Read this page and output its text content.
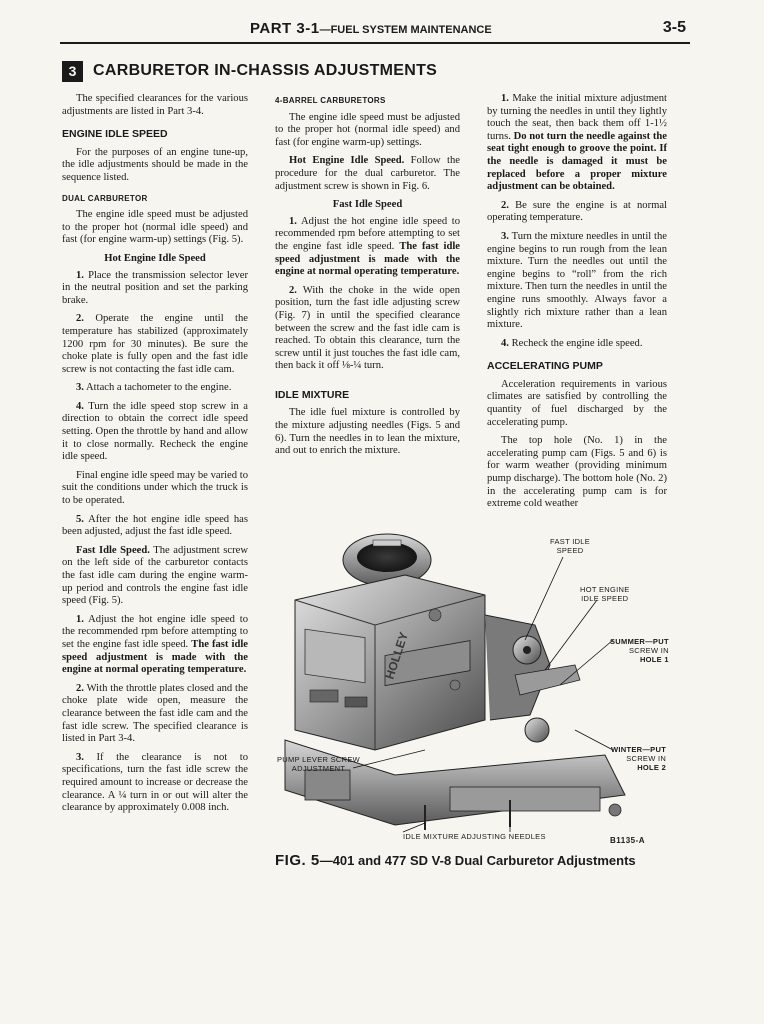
PART 3-1—FUEL SYSTEM MAINTENANCE	3-5
3	CARBURETOR IN-CHASSIS ADJUSTMENTS

The specified clearances for the various adjustments are listed in Part 3-4.

ENGINE IDLE SPEED

For the purposes of an engine tune-up, the idle adjustments should be made in the sequence listed.

DUAL CARBURETOR

The engine idle speed must be adjusted to the proper hot (normal idle speed) and fast (for engine warm-up) settings (Fig. 5).

Hot Engine Idle Speed

1. Place the transmission selector lever in the neutral position and set the parking brake.

2. Operate the engine until the temperature has stabilized (approximately 1200 rpm for 30 minutes). Be sure the choke plate is fully open and the fast idle screw is not contacting the fast idle cam.

3. Attach a tachometer to the engine.

4. Turn the idle speed stop screw in a direction to obtain the correct idle speed setting. Open the throttle by hand and allow it to close normally. Recheck the engine idle speed.

Final engine idle speed may be varied to suit the conditions under which the truck is to be operated.

5. After the hot engine idle speed has been adjusted, adjust the fast idle speed.

Fast Idle Speed. The adjustment screw on the left side of the carburetor contacts the fast idle cam during the engine warm-up period and controls the engine fast idle speed (Fig. 5).

1. Adjust the hot engine idle speed to the recommended rpm before attempting to set the engine fast idle speed. The fast idle speed adjustment is made with the engine at normal operating temperature.

2. With the throttle plates closed and the choke plate wide open, measure the clearance between the fast idle cam and the fast idle screw. The specified clearance is listed in Part 3-4.

3. If the clearance is not to specifications, turn the fast idle screw the required amount to increase or decrease the clearance. A ¼ turn in or out will alter the clearance by approximately 0.008 inch.

4-BARREL CARBURETORS

The engine idle speed must be adjusted to the proper hot (normal idle speed) and fast (for engine warm-up) settings.

Hot Engine Idle Speed. Follow the procedure for the dual carburetor. The adjustment screw is shown in Fig. 6.

Fast Idle Speed

1. Adjust the hot engine idle speed to recommended rpm before attempting to set the engine fast idle speed. The fast idle speed adjustment is made with the engine at normal operating temperature.

2. With the choke in the wide open position, turn the fast idle adjusting screw (Fig. 7) in until the specified clearance between the screw and the fast idle cam is reached. To obtain this clearance, turn the screw until it just touches the fast idle cam, then back it off ⅛-¼ turn.

IDLE MIXTURE

The idle fuel mixture is controlled by the mixture adjusting needles (Figs. 5 and 6). Turn the needles in to lean the mixture, and out to enrich the mixture.

1. Make the initial mixture adjustment by turning the needles in until they lightly touch the seat, then back them off 1-1½ turns. Do not turn the needle against the seat tight enough to groove the point. If the needle is damaged it must be replaced before a proper mixture adjustment can be obtained.

2. Be sure the engine is at normal operating temperature.

3. Turn the mixture needles in until the engine begins to run rough from the lean mixture. Turn the needles out until the engine begins to “roll” from the rich mixture. Then turn the needles in until the engine runs smoothly. Always favor a slightly rich mixture rather than a lean mixture.

4. Recheck the engine idle speed.

ACCELERATING PUMP

Acceleration requirements in various climates are satisfied by controlling the quantity of fuel discharged by the accelerating pump.

The top hole (No. 1) in the accelerating pump cam (Figs. 5 and 6) is for warm weather (providing minimum pump discharge). The bottom hole (No. 2) in the accelerating pump cam is for extreme cold weather

HOLLEY
FAST IDLE
SPEED
HOT ENGINE
IDLE SPEED
SUMMER—PUT
SCREW IN
HOLE 1
WINTER—PUT
SCREW IN
HOLE 2
PUMP LEVER SCREW
ADJUSTMENT
IDLE MIXTURE ADJUSTING NEEDLES	B1135-A
FIG. 5—401 and 477 SD V-8 Dual Carburetor Adjustments
